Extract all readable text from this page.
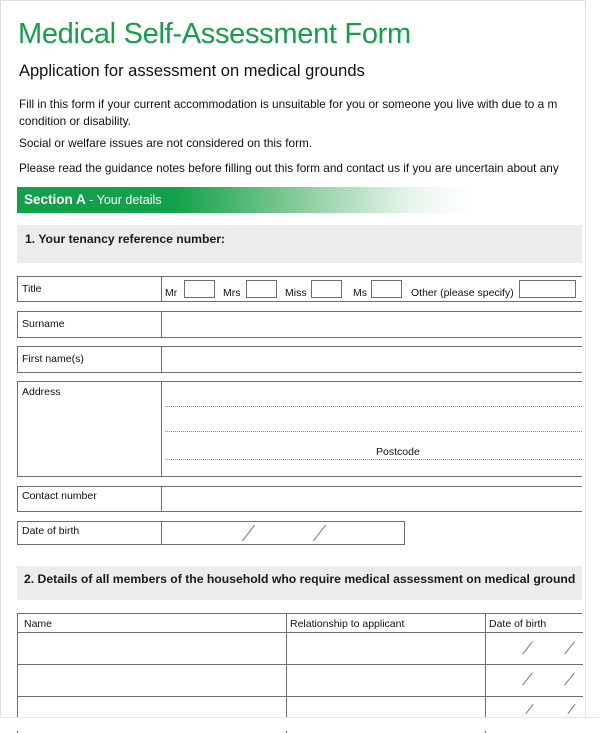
Medical Self-Assessment Form
Application for assessment on medical grounds
Fill in this form if your current accommodation is unsuitable for you or someone you live with due to a m
condition or disability.
Social or welfare issues are not considered on this form.
Please read the guidance notes before filling out this form and contact us if you are uncertain about any
Section A - Your details
1. Your tenancy reference number:
Title	Mr	Mrs	Miss	Ms	Other (please specify)
Surname
First name(s)
Address
Postcode
Contact number
Date of birth
2. Details of all members of the household who require medical assessment on medical ground
Name	Relationship to applicant	Date of birth
